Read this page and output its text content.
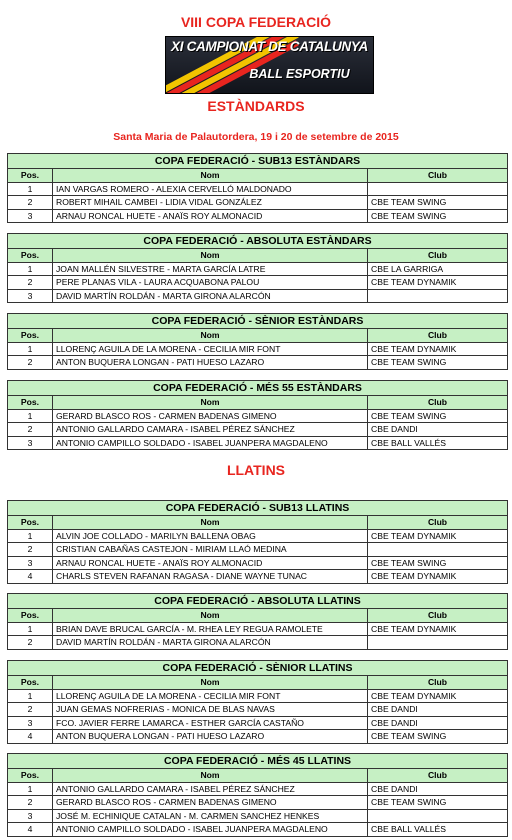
VIII COPA FEDERACIÓ
XI CAMPIONAT DE CATALUNYA
BALL ESPORTIU
ESTÀNDARDS
Santa Maria de Palautordera, 19 i 20 de setembre de 2015
LLATINS
COPA FEDERACIÓ - SUB13 ESTÀNDARS		
Pos.	Nom	Club
1	IAN VARGAS ROMERO - ALEXIA CERVELLÓ MALDONADO	
2	ROBERT MIHAIL CAMBEI - LIDIA VIDAL GONZÁLEZ	CBE TEAM SWING
3	ARNAU RONCAL HUETE - ANAÏS ROY ALMONACID	CBE TEAM SWING
COPA FEDERACIÓ - ABSOLUTA ESTÀNDARS		
Pos.	Nom	Club
1	JOAN MALLÉN SILVESTRE - MARTA GARCÍA LATRE	CBE LA GARRIGA
2	PERE PLANAS VILA - LAURA ACQUABONA PALOU	CBE TEAM DYNAMIK
3	DAVID MARTÍN ROLDÁN - MARTA GIRONA ALARCÓN	
COPA FEDERACIÓ - SÈNIOR ESTÀNDARS		
Pos.	Nom	Club
1	LLORENÇ AGUILA DE LA MORENA - CECILIA MIR FONT	CBE TEAM DYNAMIK
2	ANTON BUQUERA LONGAN - PATI HUESO LAZARO	CBE TEAM SWING
COPA FEDERACIÓ - MÉS 55 ESTÀNDARS		
Pos.	Nom	Club
1	GERARD BLASCO ROS - CARMEN BADENAS GIMENO	CBE TEAM SWING
2	ANTONIO GALLARDO CAMARA - ISABEL PÉREZ SÁNCHEZ	CBE DANDI
3	ANTONIO CAMPILLO SOLDADO - ISABEL JUANPERA MAGDALENO	CBE BALL VALLÉS
COPA FEDERACIÓ - SUB13 LLATINS		
Pos.	Nom	Club
1	ALVIN JOE COLLADO - MARILYN BALLENA OBAG	CBE TEAM DYNAMIK
2	CRISTIAN CABAÑAS CASTEJON - MIRIAM LLAÓ MEDINA	
3	ARNAU RONCAL HUETE - ANAÏS ROY ALMONACID	CBE TEAM SWING
4	CHARLS STEVEN RAFANAN RAGASA - DIANE WAYNE TUNAC	CBE TEAM DYNAMIK
COPA FEDERACIÓ - ABSOLUTA LLATINS		
Pos.	Nom	Club
1	BRIAN DAVE BRUCAL GARCÍA - M. RHEA LEY REGUA RAMOLETE	CBE TEAM DYNAMIK
2	DAVID MARTÍN ROLDÁN - MARTA GIRONA ALARCÓN	
COPA FEDERACIÓ - SÈNIOR LLATINS		
Pos.	Nom	Club
1	LLORENÇ AGUILA DE LA MORENA - CECILIA MIR FONT	CBE TEAM DYNAMIK
2	JUAN GEMAS NOFRERIAS - MONICA DE BLAS NAVAS	CBE DANDI
3	FCO. JAVIER FERRE LAMARCA - ESTHER GARCÍA CASTAÑO	CBE DANDI
4	ANTON BUQUERA LONGAN - PATI HUESO LAZARO	CBE TEAM SWING
COPA FEDERACIÓ - MÉS 45 LLATINS		
Pos.	Nom	Club
1	ANTONIO GALLARDO CAMARA - ISABEL PÉREZ SÁNCHEZ	CBE DANDI
2	GERARD BLASCO ROS - CARMEN BADENAS GIMENO	CBE TEAM SWING
3	JOSÉ M. ECHINIQUE CATALAN - M. CARMEN SANCHEZ HENKES	
4	ANTONIO CAMPILLO SOLDADO - ISABEL JUANPERA MAGDALENO	CBE BALL VALLÉS
